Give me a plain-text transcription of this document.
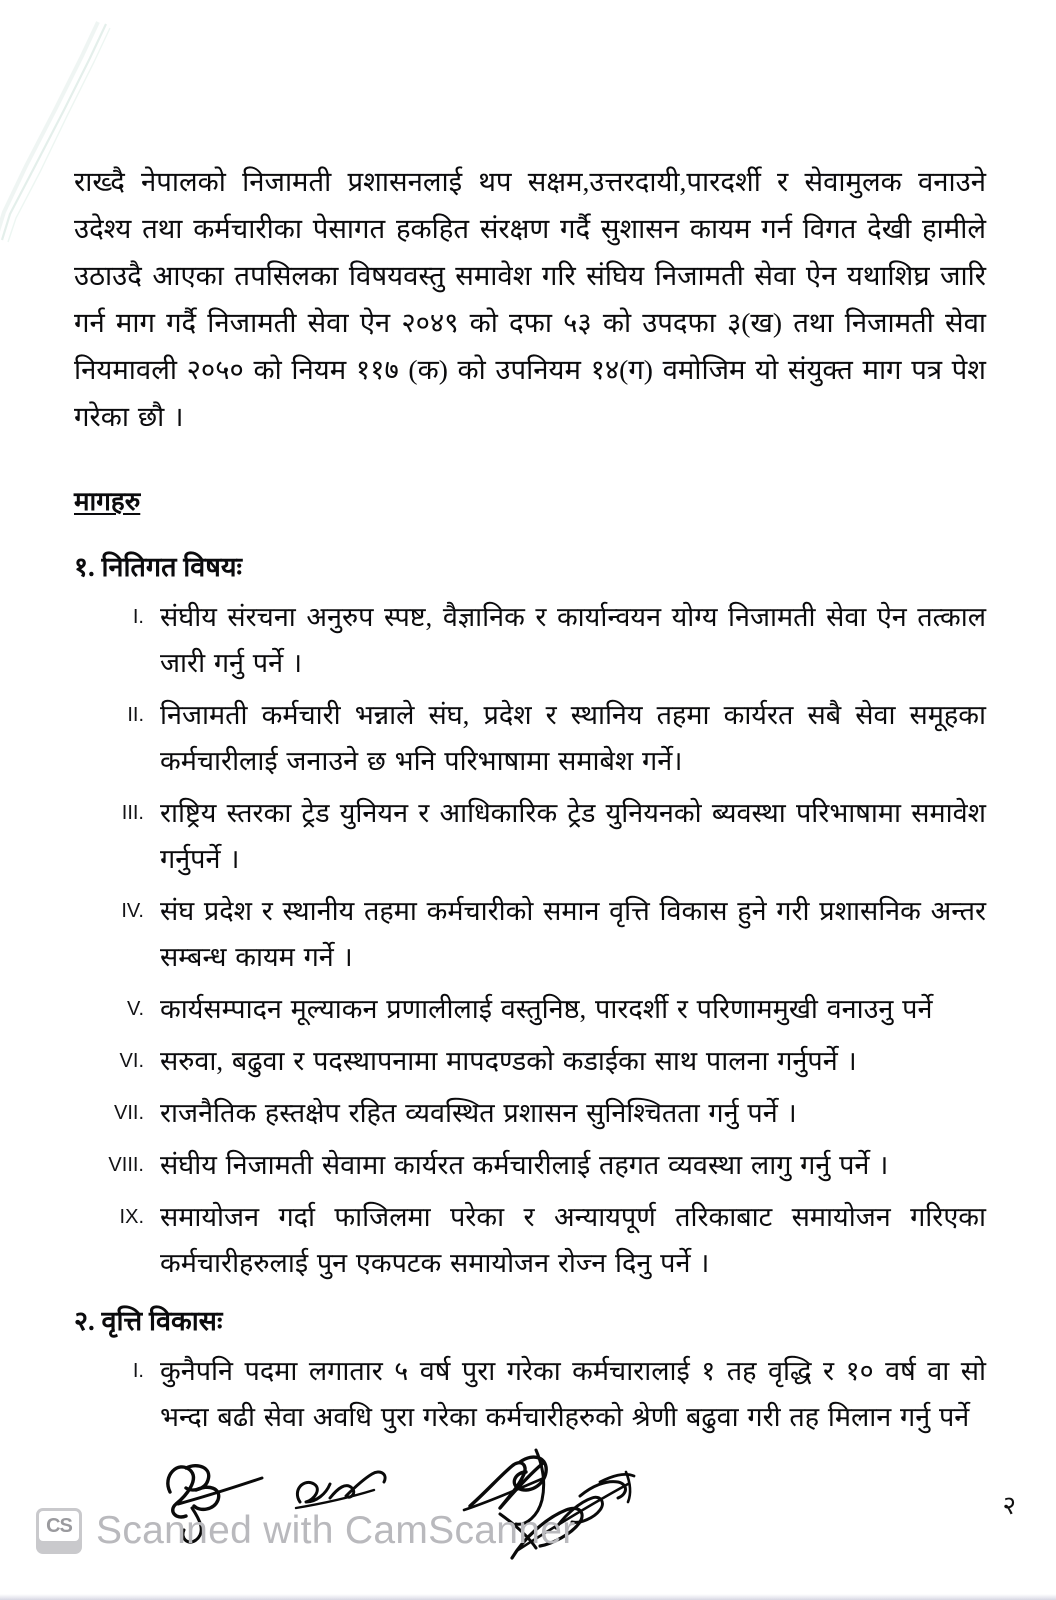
राख्दै नेपालको निजामती प्रशासनलाई थप सक्षम,उत्तरदायी,पारदर्शी र सेवामुलक वनाउने उदेश्य तथा कर्मचारीका पेसागत हकहित संरक्षण गर्दै सुशासन कायम गर्न विगत देखी हामीले उठाउदै आएका तपसिलका विषयवस्तु समावेश गरि संघिय निजामती सेवा ऐन यथाशिघ्र जारि गर्न माग गर्दै निजामती सेवा ऐन २०४९ को दफा ५३ को उपदफा ३(ख) तथा निजामती सेवा नियमावली २०५० को नियम ११७ (क) को उपनियम १४(ग) वमोजिम यो संयुक्त माग पत्र पेश गरेका छौ ।

मागहरु
१. नितिगत विषयः
I. संघीय संरचना अनुरुप स्पष्ट, वैज्ञानिक र कार्यान्वयन योग्य निजामती सेवा ऐन तत्काल जारी गर्नु पर्ने ।
II. निजामती कर्मचारी भन्नाले संघ, प्रदेश र स्थानिय तहमा कार्यरत सबै सेवा समूहका कर्मचारीलाई जनाउने छ भनि परिभाषामा समाबेश गर्ने।
III. राष्ट्रिय स्तरका ट्रेड युनियन र आधिकारिक ट्रेड युनियनको ब्यवस्था परिभाषामा समावेश गर्नुपर्ने ।
IV. संघ प्रदेश र स्थानीय तहमा कर्मचारीको समान वृत्ति विकास हुने गरी प्रशासनिक अन्तर सम्बन्ध कायम गर्ने ।
V. कार्यसम्पादन मूल्याकन प्रणालीलाई वस्तुनिष्ठ, पारदर्शी र परिणाममुखी वनाउनु पर्ने
VI. सरुवा, बढुवा र पदस्थापनामा मापदण्डको कडाईका साथ पालना गर्नुपर्ने ।
VII. राजनैतिक हस्तक्षेप रहित व्यवस्थित प्रशासन सुनिश्चितता गर्नु पर्ने ।
VIII. संघीय निजामती सेवामा कार्यरत कर्मचारीलाई तहगत व्यवस्था लागु गर्नु पर्ने ।
IX. समायोजन गर्दा फाजिलमा परेका र अन्यायपूर्ण तरिकाबाट समायोजन गरिएका कर्मचारीहरुलाई पुन एकपटक समायोजन रोज्न दिनु पर्ने ।
२. वृत्ति विकासः
I. कुनैपनि पदमा लगातार ५ वर्ष पुरा गरेका कर्मचारालाई १ तह वृद्धि र १० वर्ष वा सो भन्दा बढी सेवा अवधि पुरा गरेका कर्मचारीहरुको श्रेणी बढुवा गरी तह मिलान गर्नु पर्ने
२
CS Scanned with CamScanner
